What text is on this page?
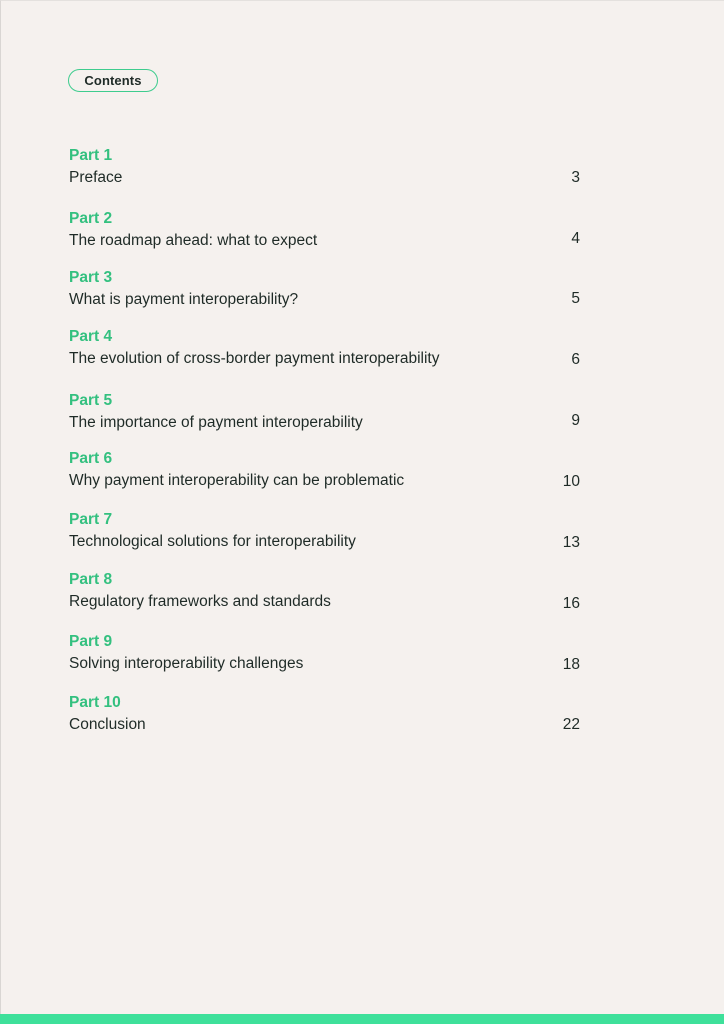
Contents
Part 1
Preface	3
Part 2
The roadmap ahead: what to expect	4
Part 3
What is payment interoperability?	5
Part 4
The evolution of cross-border payment interoperability	6
Part 5
The importance of payment interoperability	9
Part 6
Why payment interoperability can be problematic	10
Part 7
Technological solutions for interoperability	13
Part 8
Regulatory frameworks and standards	16
Part 9
Solving interoperability challenges	18
Part 10
Conclusion	22
